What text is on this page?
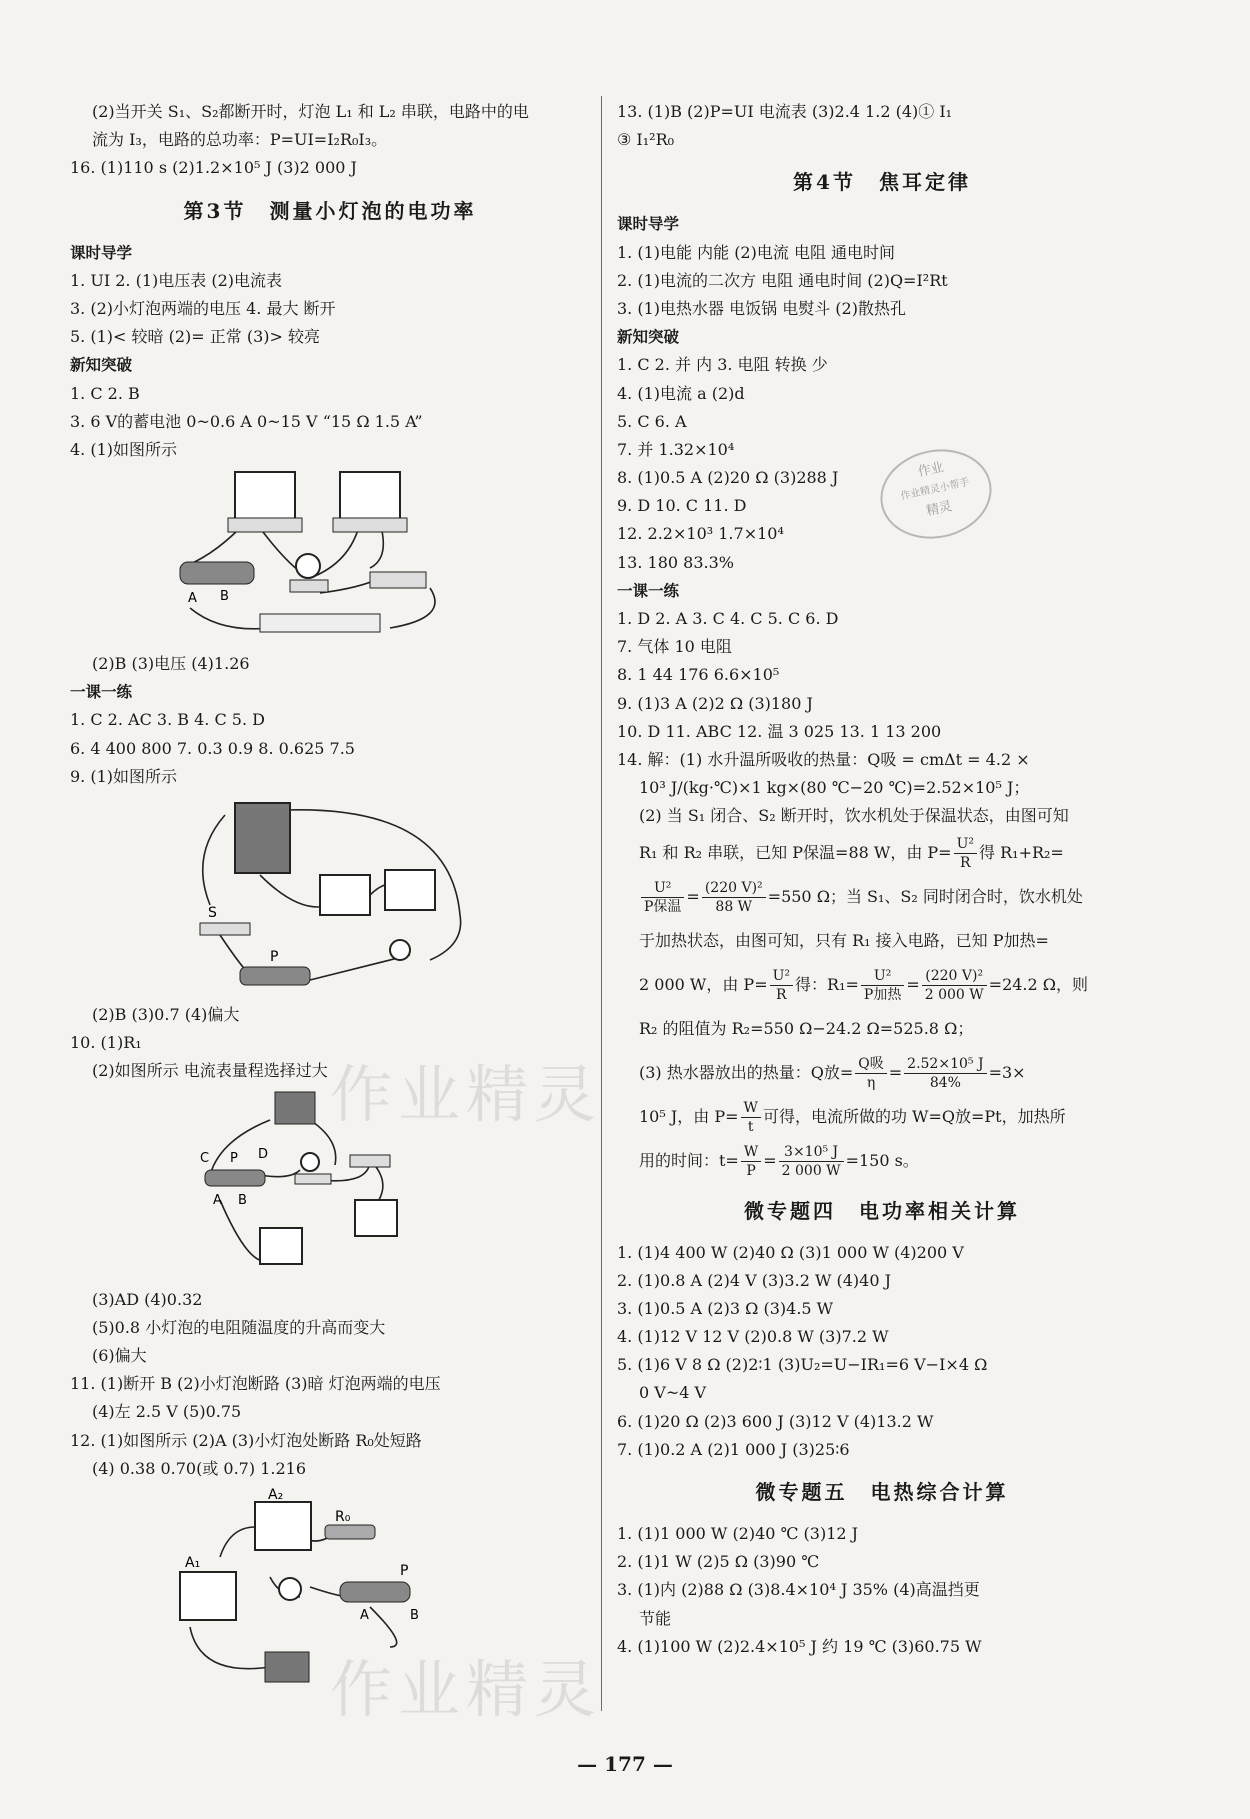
(2)当开关 S₁、S₂都断开时，灯泡 L₁ 和 L₂ 串联，电路中的电
流为 I₃，电路的总功率：P=UI=I₂R₀I₃。
16. (1)110 s (2)1.2×10⁵ J (3)2 000 J
第3节　测量小灯泡的电功率
课时导学
1. UI 2. (1)电压表 (2)电流表
3. (2)小灯泡两端的电压 4. 最大 断开
5. (1)< 较暗 (2)= 正常 (3)> 较亮
新知突破
1. C 2. B
3. 6 V的蓄电池 0~0.6 A 0~15 V “15 Ω 1.5 A”
4. (1)如图所示
A B
(2)B (3)电压 (4)1.26
一课一练
1. C 2. AC 3. B 4. C 5. D
6. 4 400 800 7. 0.3 0.9 8. 0.625 7.5
9. (1)如图所示
S
P
(2)B (3)0.7 (4)偏大
10. (1)R₁
(2)如图所示 电流表量程选择过大
C P D
A B
(3)AD (4)0.32
(5)0.8 小灯泡的电阻随温度的升高而变大
(6)偏大
11. (1)断开 B (2)小灯泡断路 (3)暗 灯泡两端的电压
(4)左 2.5 V (5)0.75
12. (1)如图所示 (2)A (3)小灯泡处断路 R₀处短路
(4) 0.38 0.70(或 0.7) 1.216
A₂
A₁
R₀
P
A	B
13. (1)B (2)P=UI 电流表 (3)2.4 1.2 (4)① I₁
③ I₁²R₀
第4节　焦耳定律
课时导学
1. (1)电能 内能 (2)电流 电阻 通电时间
2. (1)电流的二次方 电阻 通电时间 (2)Q=I²Rt
3. (1)电热水器 电饭锅 电熨斗 (2)散热孔
新知突破
1. C 2. 并 内 3. 电阻 转换 少
4. (1)电流 a (2)d
5. C 6. A
7. 并 1.32×10⁴
8. (1)0.5 A (2)20 Ω (3)288 J
9. D 10. C 11. D
12. 2.2×10³ 1.7×10⁴
13. 180 83.3%
一课一练
1. D 2. A 3. C 4. C 5. C 6. D
7. 气体 10 电阻
8. 1 44 176 6.6×10⁵
9. (1)3 A (2)2 Ω (3)180 J
10. D 11. ABC 12. 温 3 025 13. 1 13 200
14. 解：(1) 水升温所吸收的热量：Q吸 = cmΔt = 4.2 ×
10³ J/(kg·℃)×1 kg×(80 ℃−20 ℃)=2.52×10⁵ J；
(2) 当 S₁ 闭合、S₂ 断开时，饮水机处于保温状态，由图可知
R₁ 和 R₂ 串联，已知 P保温=88 W，由 $P= \frac{\text{U²}}{R}$ 得 R₁+R₂=
$\frac{\text{U²}}{\text{P保温}} = \frac{\text{(220 V)²}}{88 W} =550$ Ω；当 S₁、S₂ 同时闭合时，饮水机处
于加热状态，由图可知，只有 R₁ 接入电路，已知 P加热=
2 000 W，由 $P= \frac{\text{U²}}{R}$ 得：$R_1= \frac{\text{U²}}{\text{P加热}} = \frac{\text{(220 V)²}}{2 000 W} =24.2$ Ω，则
R₂ 的阻值为 R₂=550 Ω−24.2 Ω=525.8 Ω；
(3) 热水器放出的热量：Q放= $\frac{\text{Q吸}}{\eta} = \frac{\text{2.52×10⁵ J}}{84\%} =3\times$
10⁵ J，由 $P= \frac{W}{t}$ 可得，电流所做的功 W=Q放=Pt，加热所
用的时间：$t= \frac{W}{P} = \frac{\text{3×10⁵ J}}{2 000 W} =150$ s。
微专题四　电功率相关计算
1. (1)4 400 W (2)40 Ω (3)1 000 W (4)200 V
2. (1)0.8 A (2)4 V (3)3.2 W (4)40 J
3. (1)0.5 A (2)3 Ω (3)4.5 W
4. (1)12 V 12 V (2)0.8 W (3)7.2 W
5. (1)6 V 8 Ω (2)2∶1 (3)U₂=U−IR₁=6 V−I×4 Ω
0 V~4 V
6. (1)20 Ω (2)3 600 J (3)12 V (4)13.2 W
7. (1)0.2 A (2)1 000 J (3)25∶6
微专题五　电热综合计算
1. (1)1 000 W (2)40 ℃ (3)12 J
2. (1)1 W (2)5 Ω (3)90 ℃
3. (1)内 (2)88 Ω (3)8.4×10⁴ J 35% (4)高温挡更
节能
4. (1)100 W (2)2.4×10⁵ J 约 19 ℃ (3)60.75 W
— 177 —
作业精灵
作业精灵
作业
作业精灵小帮手
精灵
